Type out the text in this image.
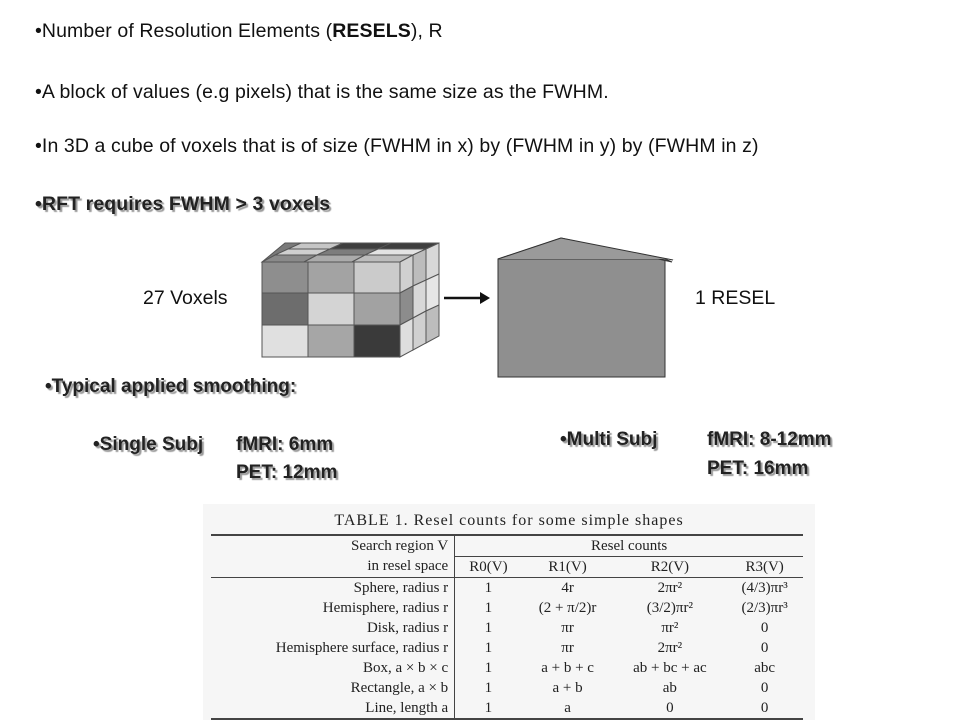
•Number of Resolution Elements (RESELS), R
•A block of values (e.g pixels) that is the same size as the FWHM.
•In 3D a cube of voxels that is of size (FWHM in x) by (FWHM in y) by (FWHM in z)
•RFT requires FWHM > 3 voxels
27 Voxels	1 RESEL
•Typical applied smoothing:
•Single Subj fMRI: 6mm
PET: 12mm
•Multi Subj	fMRI: 8-12mm
PET: 16mm
TABLE 1. Resel counts for some simple shapes
Search region V	Resel counts			
in resel space	R0(V)	R1(V)	R2(V)	R3(V)
Sphere, radius r	1	4r	2πr²	(4/3)πr³
Hemisphere, radius r	1	(2 + π/2)r	(3/2)πr²	(2/3)πr³
Disk, radius r	1	πr	πr²	0
Hemisphere surface, radius r	1	πr	2πr²	0
Box, a × b × c	1	a + b + c	ab + bc + ac	abc
Rectangle, a × b	1	a + b	ab	0
Line, length a	1	a	0	0
